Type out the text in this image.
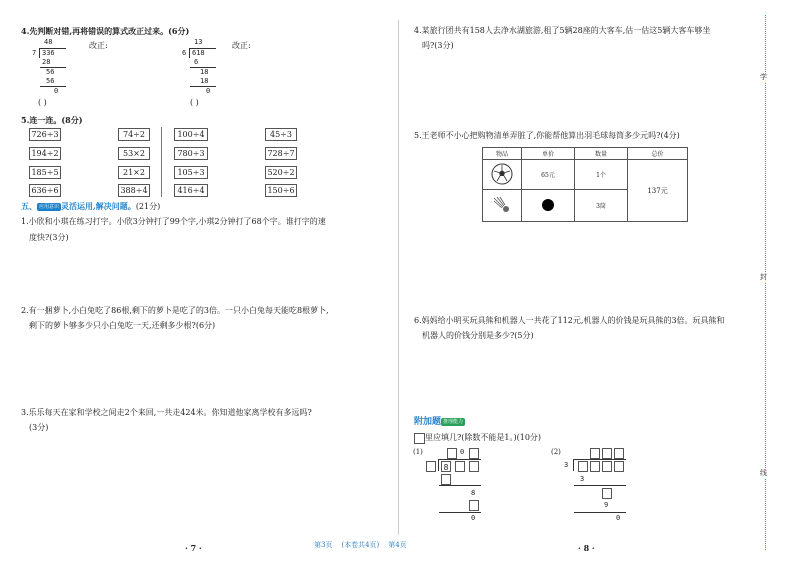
4.先判断对错,再将错误的算式改正过来。(6分)
48
7 336
28
56
56
0
改正:
( )
13
6 618
6
18
18
0
改正:
( )
5.连一连。(8分)
726÷3
194÷2
185÷5
636÷6
74÷2
53×2
21×2
388÷4
100÷4
780÷3
105÷3
416÷4
45÷3
728÷7
520÷2
150÷6
五、 应用意识 灵活运用,解决问题。(21分)
1.小欣和小琪在练习打字。小欣3分钟打了99个字,小琪2分钟打了68个字。谁打字的速
度快?(3分)
2.有一捆萝卜,小白兔吃了86根,剩下的萝卜是吃了的3倍。一只小白兔每天能吃8根萝卜,
剩下的萝卜够多少只小白兔吃一天,还剩多少根?(6分)
3.乐乐每天在家和学校之间走2个来回,一共走424米。你知道他家离学校有多远吗?
(3分)
· 7 ·	第3页 (本卷共4页) 第4页
4.某旅行团共有158人去净水湖旅游,租了5辆28座的大客车,估一估这5辆大客车够坐
吗?(3分)
5.王老师不小心把购物清单弄脏了,你能帮他算出羽毛球每筒多少元吗?(4分)
物品	单价	数量	总价
	65元	1个	137元
		3筒	
6.妈妈给小明买玩具熊和机器人一共花了112元,机器人的价钱是玩具熊的3倍。玩具熊和
机器人的价钱分别是多少?(5分)
附加题 推理能力
里应填几?(除数不能是1。)(10分)
(1)	0
8
8
0
(2)
3
3
9
0
· 8 ·
学
封
线
